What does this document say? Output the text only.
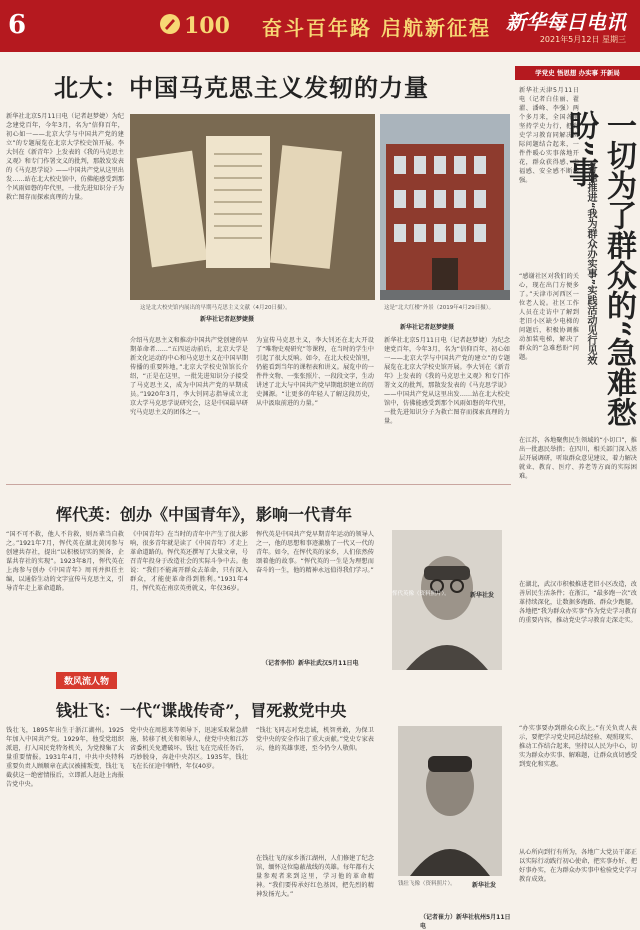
6	100 奋斗百年路 启航新征程 新华每日电讯
2021年5月12日 星期三
北大：中国马克思主义发轫的力量
新华社北京5月11日电（记者赵梦婕）为纪念建党百年，今年3月，名为“信仰百年，初心如一——北京大学与中国共产党的建立”的专题展览在北京大学校史馆开展。李大钊在《新青年》上发表的《我的马克思主义观》和专门作署文义的批判，那散发发表的《马克思学说》——中国共产党从这里出发……站在北大校史馆中，仿佛能感受到那个风雨如磐的年代里，一批先进知识分子为救亡图存而探索真理的力量。
这是北大校史馆内展出的早期马克思主义文献（4月20日摄）。
新华社记者赵梦婕摄
这是“北大红楼”外景（2019年4月29日摄）。
新华社记者赵梦婕摄
介绍马克思主义和推动中国共产党创建的早期革命者……“五四运动前后，北京大学是新文化运动的中心和马克思主义在中国早期传播的重要阵地，”北京大学校史馆馆长介绍，“正是在这里，一批先进知识分子接受了马克思主义，成为中国共产党的早期成员。”1920年3月，李大钊同志指导成立北京大学马克思学说研究会，这是中国最早研究马克思主义的团体之一。
为宣传马克思主义，李大钊还在北大开设了“唯物史观研究”等课程，在当时的学生中引起了很大反响。如今，在北大校史馆里，仍能看到当年的课程表和讲义。展览中的一件件文物、一张张照片、一段段文字，生动讲述了北大与中国共产党早期组织建立的历史渊源。“让更多的年轻人了解这段历史，从中汲取前进的力量。”
新华社北京5月11日电（记者赵梦婕）为纪念建党百年，今年3月，名为“信仰百年，初心如一——北京大学与中国共产党的建立”的专题展览在北京大学校史馆开展。李大钊在《新青年》上发表的《我的马克思主义观》和专门作署文义的批判，那散发发表的《马克思学说》——中国共产党从这里出发……站在北大校史馆中，仿佛能感受到那个风雨如磐的年代里，一批先进知识分子为救亡图存而探索真理的力量。
恽代英：创办《中国青年》，影响一代青年
“国不可不救，他人不肯救，则吾辈当自救之。”1921年7月，恽代英在湖北黄冈参与创建共存社，提出“以积极切实的预备，企谋共存社的实现”。1923年8月，恽代英在上海参与创办《中国青年》周刊并担任主编，以通俗生动的文字宣传马克思主义，引导青年走上革命道路。
《中国青年》在当时的青年中产生了很大影响，很多青年就是读了《中国青年》才走上革命道路的。恽代英还撰写了大量文章，号召青年投身于改造社会的实际斗争中去。他说：“我们不能离开群众去革命，只有深入群众，才能使革命得到胜利。”1931年4月，恽代英在南京英勇就义，年仅36岁。
恽代英是中国共产党早期青年运动的领导人之一，他的思想和事迹激励了一代又一代的青年。如今，在恽代英的家乡，人们依然传颂着他的故事。“恽代英的一生是为理想而奋斗的一生，他的精神永远值得我们学习。”
（记者李伟）新华社武汉5月11日电
恽代英像（资料照片）。	新华社发
数风流人物
钱壮飞：一代“谍战传奇”，冒死救党中央
钱壮飞，1895年出生于浙江湖州。1925年加入中国共产党。1929年，他受党组织派遣，打入国民党特务机关，为党搜集了大量重要情报。1931年4月，中共中央特科重要负责人顾顺章在武汉被捕叛变，钱壮飞截获这一绝密情报后，立即派人赶赴上海报告党中央。
党中央在周恩来等领导下，迅速采取紧急措施，转移了机关和领导人，使党中央和江苏省委机关免遭破坏。钱壮飞在完成任务后，巧妙脱身，奔赴中央苏区。1935年，钱壮飞在长征途中牺牲，年仅40岁。
“钱壮飞同志对党忠诚，机智勇敢，为保卫党中央的安全作出了重大贡献。”党史专家表示，他的英雄事迹，至今仍令人敬仰。
在钱壮飞的家乡浙江湖州，人们修建了纪念馆，缅怀这位隐蔽战线的英雄。每年都有大量参观者来到这里，学习他的革命精神。“我们要传承好红色基因，把先烈的精神发扬光大。”
钱壮飞像（资料照片）。	新华社发
（记者崔力）新华社杭州5月11日电
学党史 悟思想 办实事 开新局
新华社天津5月11日电（记者白佳丽、翟濯、潘峰、李强）两个多月来，全国各地坚持学史力行，把党史学习教育同解决实际问题结合起来，一件件暖心实事落地开花，群众获得感、幸福感、安全感不断增强。	一切为了群众的“急难愁盼”事
各地推进“我为群众办实事”实践活动见行见效
“感谢社区对我们的关心，现在出门方便多了。”天津市河西区一位老人说。社区工作人员在走访中了解到老旧小区缺少电梯的问题后，积极协调推动加装电梯，解决了群众的“急难愁盼”问题。
在江苏，各地聚焦民生领域的“小切口”，推出一批惠民举措；在四川，相关部门深入基层开展调研，听取群众意见建议，着力解决就业、教育、医疗、养老等方面的实际困难。
在湖北，武汉市积极推进老旧小区改造，改善居民生活条件；在浙江，“最多跑一次”改革持续深化，让数据多跑路、群众少跑腿。各地把“我为群众办实事”作为党史学习教育的重要内容，推动党史学习教育走深走实。
“办实事要办到群众心坎上。”有关负责人表示，要把学习党史同总结经验、观照现实、推动工作结合起来，坚持以人民为中心，切实为群众办实事、解难题，让群众真切感受到变化和实惠。
从心所向到行有所为，各地广大党员干部正以实际行动践行初心使命，把实事办好、把好事办实，在为群众办实事中检验党史学习教育成效。
